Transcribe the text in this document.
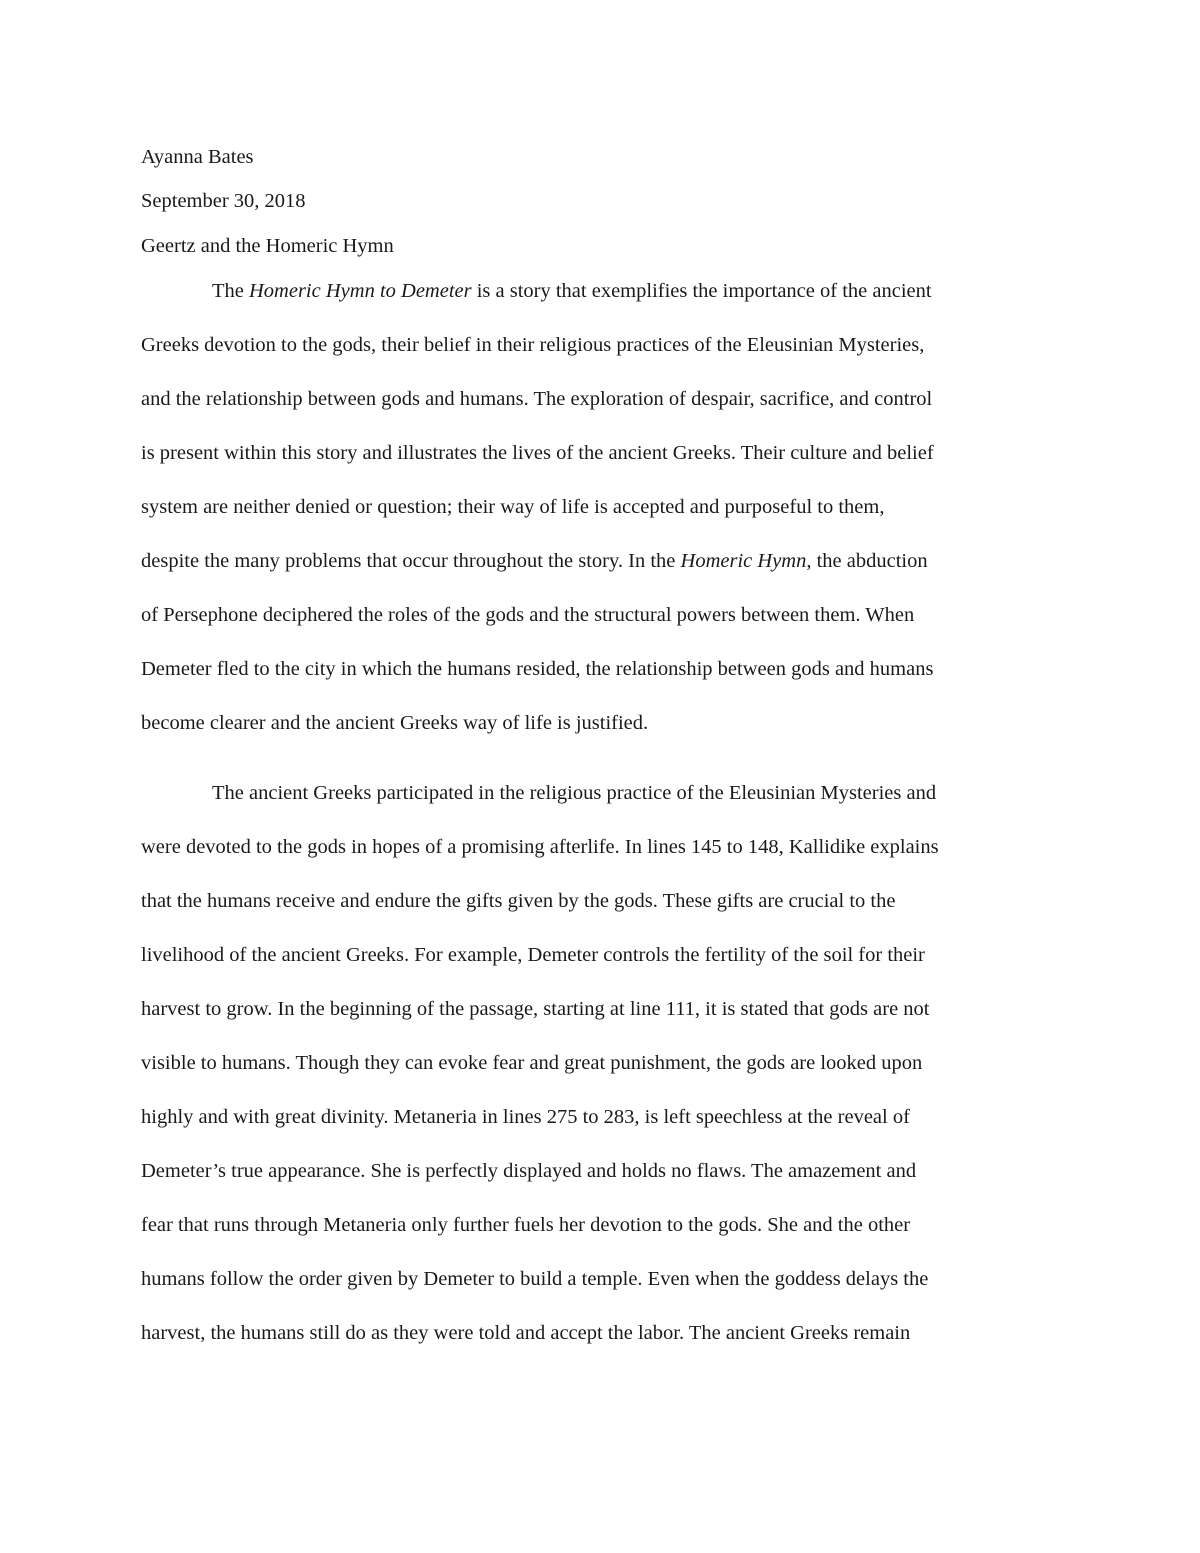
Ayanna Bates
September 30, 2018
Geertz and the Homeric Hymn
The Homeric Hymn to Demeter is a story that exemplifies the importance of the ancient
Greeks devotion to the gods, their belief in their religious practices of the Eleusinian Mysteries,
and the relationship between gods and humans. The exploration of despair, sacrifice, and control
is present within this story and illustrates the lives of the ancient Greeks. Their culture and belief
system are neither denied or question; their way of life is accepted and purposeful to them,
despite the many problems that occur throughout the story. In the Homeric Hymn, the abduction
of Persephone deciphered the roles of the gods and the structural powers between them. When
Demeter fled to the city in which the humans resided, the relationship between gods and humans
become clearer and the ancient Greeks way of life is justified.
The ancient Greeks participated in the religious practice of the Eleusinian Mysteries and
were devoted to the gods in hopes of a promising afterlife. In lines 145 to 148, Kallidike explains
that the humans receive and endure the gifts given by the gods. These gifts are crucial to the
livelihood of the ancient Greeks. For example, Demeter controls the fertility of the soil for their
harvest to grow. In the beginning of the passage, starting at line 111, it is stated that gods are not
visible to humans. Though they can evoke fear and great punishment, the gods are looked upon
highly and with great divinity. Metaneria in lines 275 to 283, is left speechless at the reveal of
Demeter’s true appearance. She is perfectly displayed and holds no flaws. The amazement and
fear that runs through Metaneria only further fuels her devotion to the gods. She and the other
humans follow the order given by Demeter to build a temple. Even when the goddess delays the
harvest, the humans still do as they were told and accept the labor. The ancient Greeks remain
